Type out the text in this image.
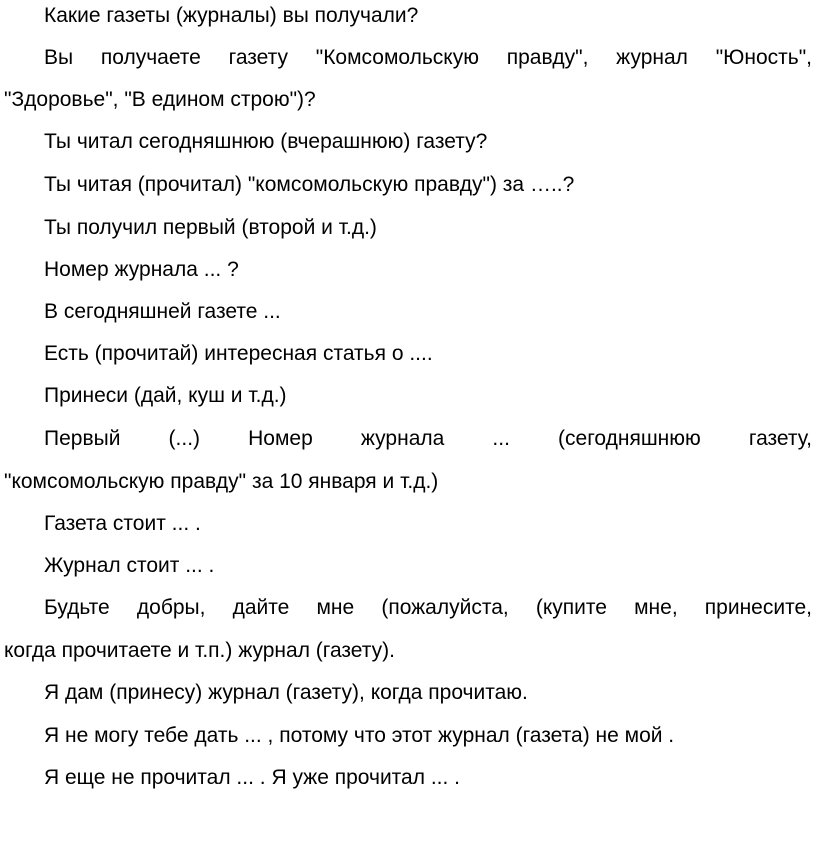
Какие газеты (журналы) вы получали?
Вы получаете газету "Комсомольскую правду", журнал "Юность",
"Здоровье", "В едином строю")?
Ты читал сегодняшнюю (вчерашнюю) газету?
Ты читая (прочитал) "комсомольскую правду") за …..?
Ты получил первый (второй и т.д.)
Номер журнала ... ?
В сегодняшней газете ...
Есть (прочитай) интересная статья о ....
Принеси (дай, куш и т.д.)
Первый (...) Номер журнала ... (сегодняшнюю газету,
"комсомольскую правду" за 10 января и т.д.)
Газета стоит ... .
Журнал стоит ... .
Будьте добры, дайте мне (пожалуйста, (купите мне, принесите,
когда прочитаете и т.п.) журнал (газету).
Я дам (принесу) журнал (газету), когда прочитаю.
Я не могу тебе дать ... , потому что этот журнал (газета) не мой .
Я еще не прочитал ... . Я уже прочитал ... .
